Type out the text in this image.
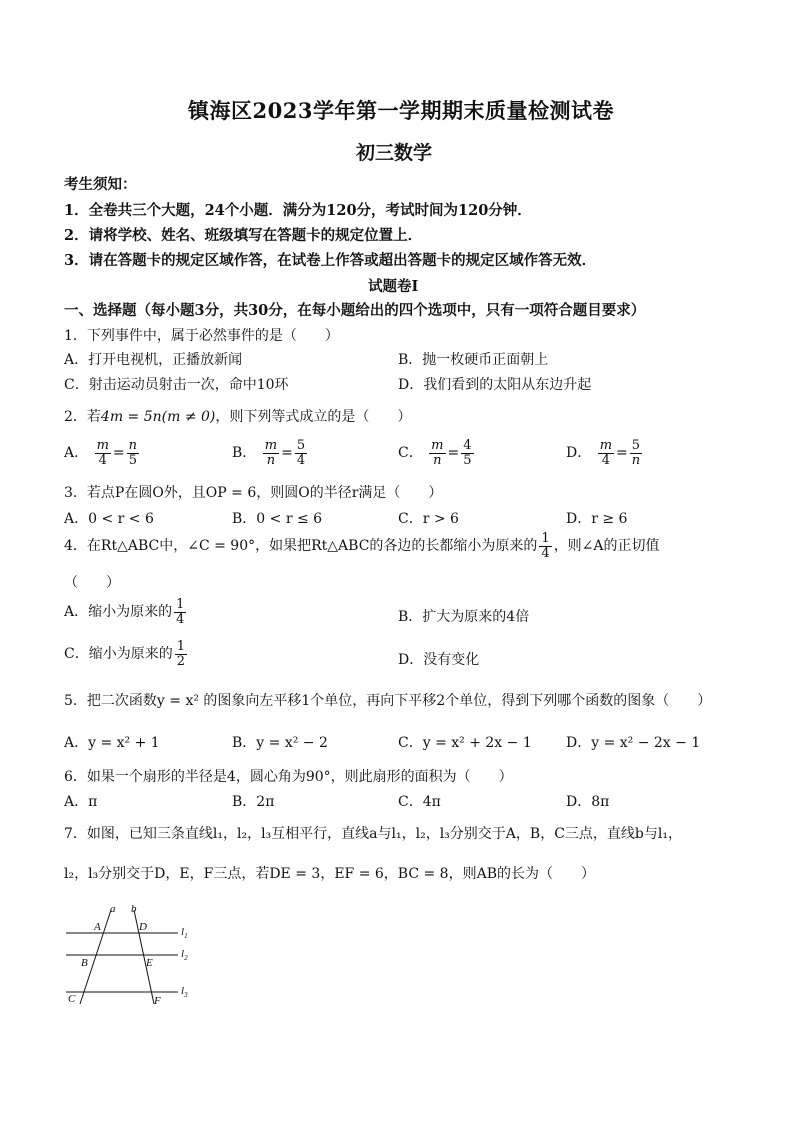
镇海区2023学年第一学期期末质量检测试卷
初三数学
考生须知：
1．全卷共三个大题，24个小题．满分为120分，考试时间为120分钟．
2．请将学校、姓名、班级填写在答题卡的规定位置上．
3．请在答题卡的规定区域作答，在试卷上作答或超出答题卡的规定区域作答无效．
试题卷Ⅰ
一、选择题（每小题3分，共30分，在每小题给出的四个选项中，只有一项符合题目要求）
1．下列事件中，属于必然事件的是（　　）
A．打开电视机，正播放新闻	B．抛一枚硬币正面朝上
C．射击运动员射击一次，命中10环	D．我们看到的太阳从东边升起
2．若4m = 5n(m ≠ 0)，则下列等式成立的是（　　）
A． $\frac{m}{4} = \frac{n}{5}$	B． $\frac{m}{n} = \frac{5}{4}$	C． $\frac{m}{n} = \frac{4}{5}$	D． $\frac{m}{4} = \frac{5}{n}$
3．若点P在圆O外，且OP = 6，则圆O的半径r满足（　　）
A．0 < r < 6	B．0 < r ≤ 6	C．r > 6	D．r ≥ 6
4．在Rt△ABC中，∠C = 90°，如果把Rt△ABC的各边的长都缩小为原来的 $\frac{1}{4}$ ，则∠A的正切值
（　　）
A．缩小为原来的 $\frac{1}{4}$	B．扩大为原来的4倍
C．缩小为原来的 $\frac{1}{2}$	D．没有变化
5．把二次函数y = x² 的图象向左平移1个单位，再向下平移2个单位，得到下列哪个函数的图象（　　）
A．y = x² + 1	B．y = x² − 2	C．y = x² + 2x − 1 D．y = x² − 2x − 1
6．如果一个扇形的半径是4，圆心角为90°，则此扇形的面积为（　　）
A．π	B．2π	C．4π	D．8π
7．如图，已知三条直线l₁，l₂，l₃互相平行，直线a与l₁，l₂，l₃分别交于A，B，C三点，直线b与l₁，
l₂，l₃分别交于D，E，F三点，若DE = 3，EF = 6，BC = 8，则AB的长为（　　）
a b
A	D
B	E
C	F
$l_1$
$l_2$
$l_3$
